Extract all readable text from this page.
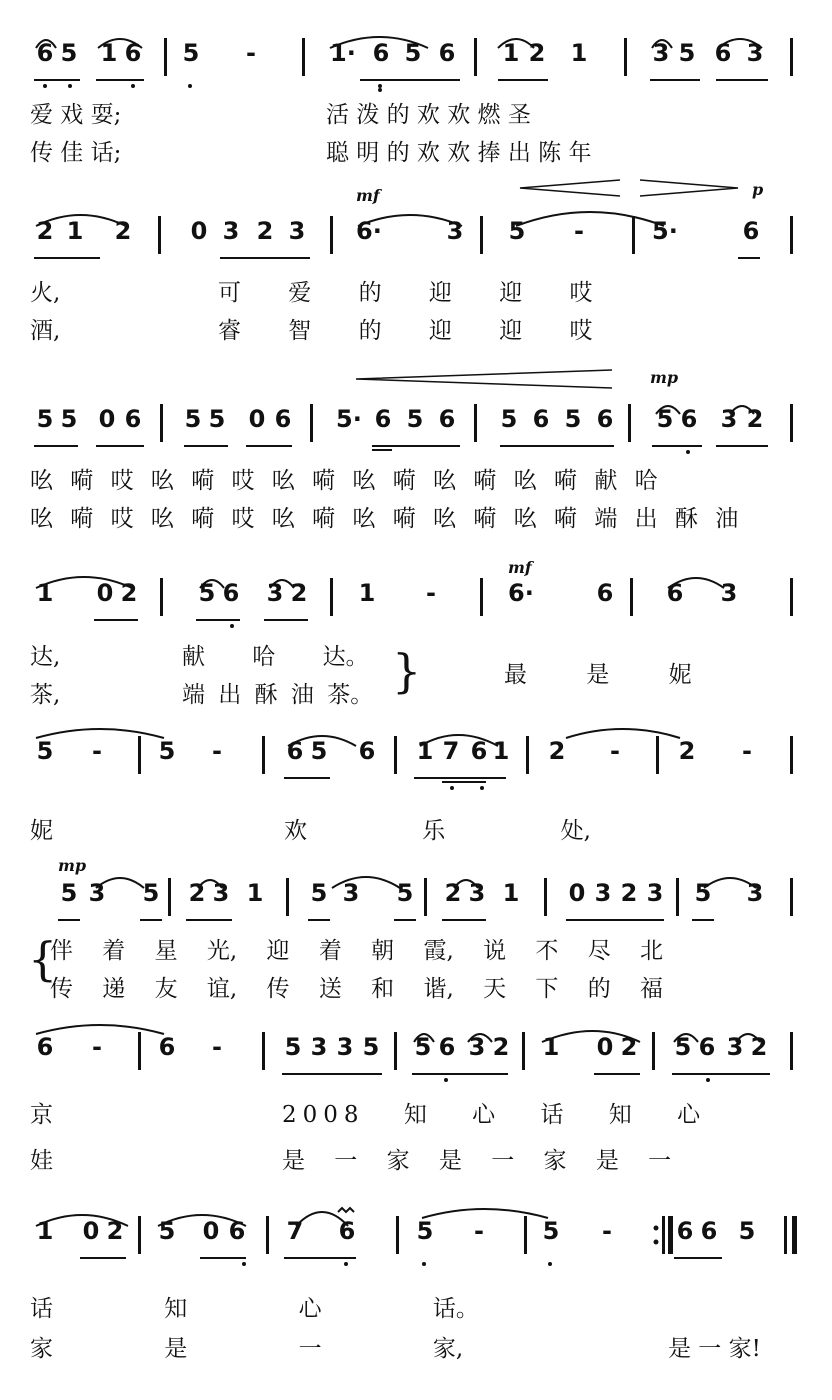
6 5 1 6 5 -	1· 6 5 6 1 2 1	3 5 6 3
爱 戏 耍;	活 泼 的 欢 欢 燃 圣
传 佳 话;	聪 明 的 欢 欢 捧 出 陈 年
mf	p
2 1 2 0 3 2 3 6·	3 5 -	5·	6
火,	可 爱 的 迎 迎 哎
酒,	睿 智 的 迎 迎 哎
mp
5 5 0 6 5 5 0 6 5· 6 5 6 5 6 5 6 5 6 3 2
吆 嗬 哎 吆 嗬 哎 吆 嗬 吆 嗬 吆 嗬 吆 嗬 献 哈
吆 嗬 哎 吆 嗬 哎 吆 嗬 吆 嗬 吆 嗬 吆 嗬 端 出 酥 油
mf
1 0 2	5 6 3 2 1 -	6·	6 6 3
达,	献 哈 达。
茶,	端 出 酥 油 茶。 }	最 是 妮
5 - 5 -	6 5 6 1 7 6 1 2 - 2 -
妮	欢 乐 处,
mp
5 3 5 2 3 1 5 3 5 2 3 1 0 3 2 3 5 3
{
伴 着 星 光, 迎 着 朝 霞, 说 不 尽 北
传 递 友 谊, 传 送 和 谐, 天 下 的 福
6 - 6 -	5 3 3 5 5 6 3 2 1 0 2 5 6 3 2
京	2008 知 心 话 知 心
娃	是 一 家 是 一 家 是 一
1 0 2 5 0 6 7 6	5 - 5 -	6 6 5
话 知 心 话。
家 是 一 家,	是 一 家!
